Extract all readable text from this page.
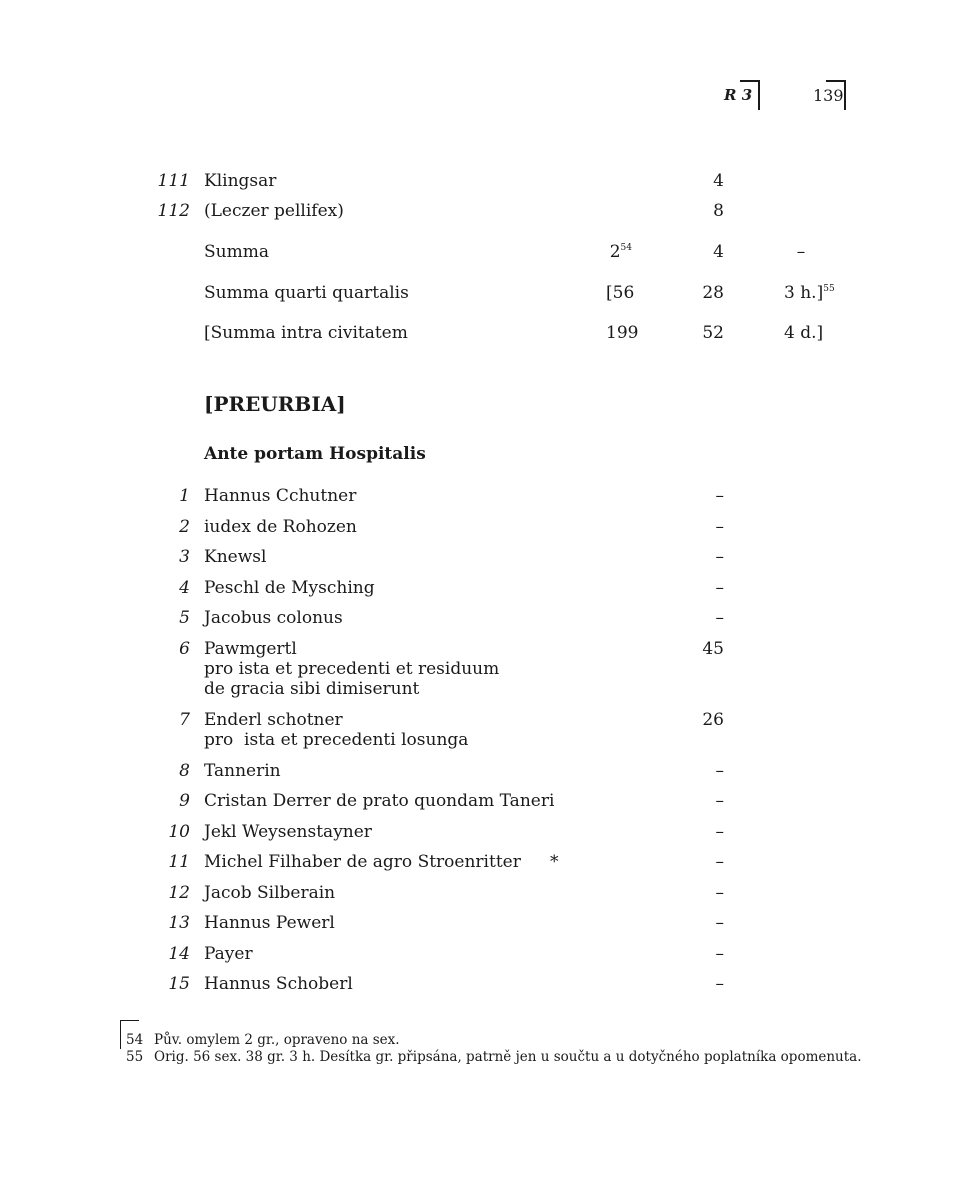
R 3	139
111 Klingsar	4
112 (Leczer pellifex)	8
Summa	$2^{54}$	4	–
Summa quarti quartalis	[56	28	3 h.]$^{55}$
[Summa intra civitatem	199	52	4 d.]
[PREURBIA]
Ante portam Hospitalis
1 Hannus Cchutner	–
2 iudex de Rohozen	–
3 Knewsl	–
4 Peschl de Mysching	–
5 Jacobus colonus	–
6 Pawmgertl	45
pro ista et precedenti et residuum
de gracia sibi dimiserunt
7 Enderl schotner	26
pro  ista et precedenti losunga
8 Tannerin	–
9 Cristan Derrer de prato quondam Taneri	–
10 Jekl Weysenstayner	–
11 Michel Filhaber de agro Stroenritter *	–
12 Jacob Silberain	–
13 Hannus Pewerl	–
14 Payer	–
15 Hannus Schoberl	–
54 Pův. omylem 2 gr., opraveno na sex.
55 Orig. 56 sex. 38 gr. 3 h. Desítka gr. připsána, patrně jen u součtu a u dotyčného poplatníka opomenuta.
